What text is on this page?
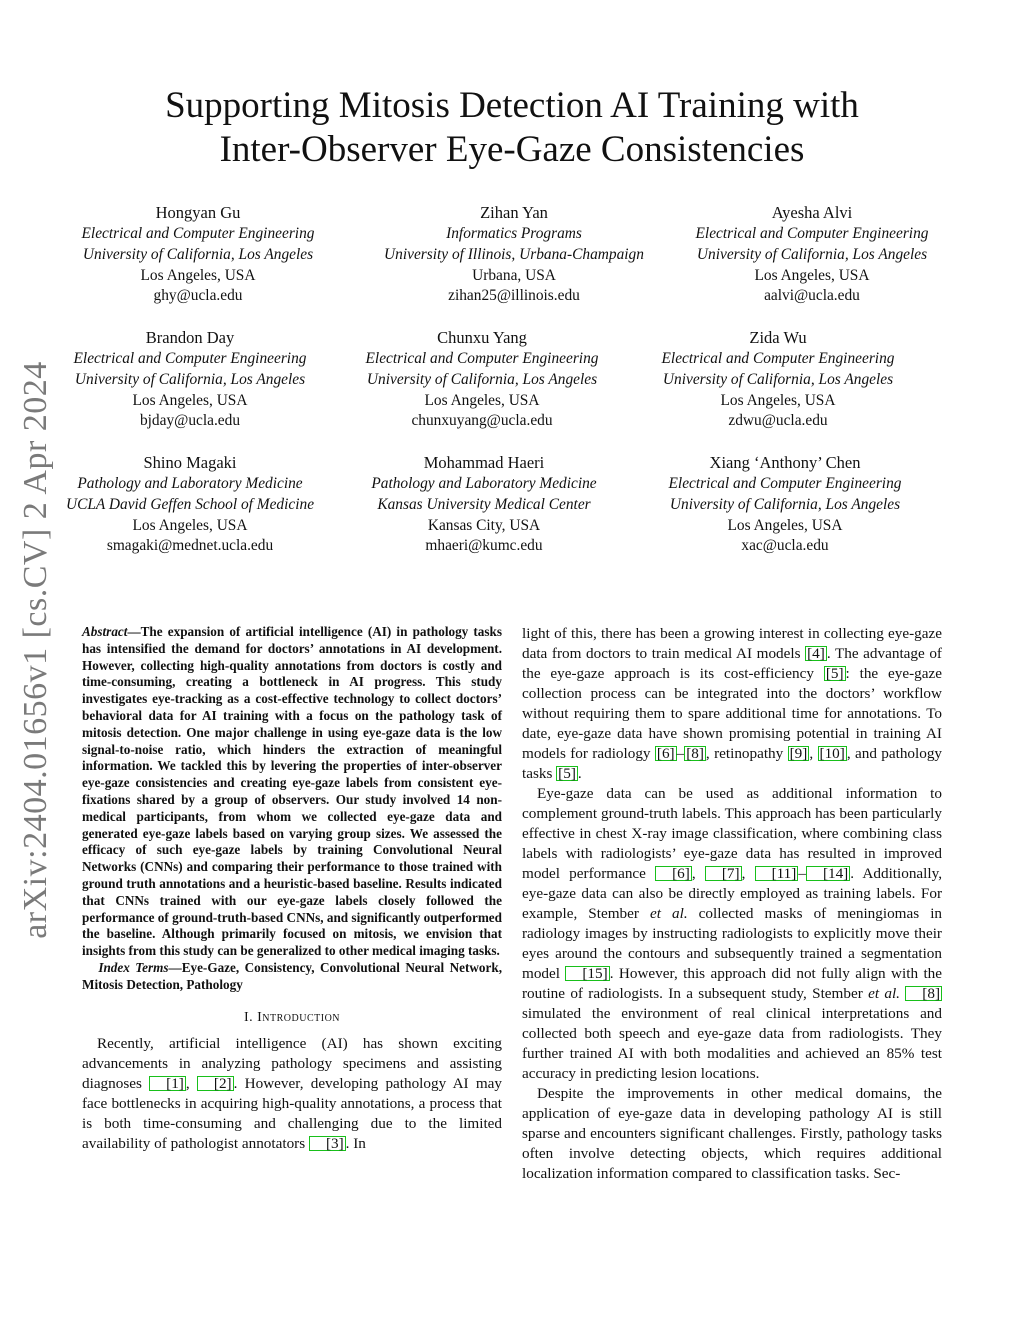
arXiv:2404.01656v1 [cs.CV] 2 Apr 2024
Supporting Mitosis Detection AI Training with
Inter-Observer Eye-Gaze Consistencies
Hongyan Gu
Electrical and Computer Engineering
University of California, Los Angeles
Los Angeles, USA
ghy@ucla.edu
Zihan Yan
Informatics Programs
University of Illinois, Urbana-Champaign
Urbana, USA
zihan25@illinois.edu
Ayesha Alvi
Electrical and Computer Engineering
University of California, Los Angeles
Los Angeles, USA
aalvi@ucla.edu
Brandon Day
Electrical and Computer Engineering
University of California, Los Angeles
Los Angeles, USA
bjday@ucla.edu
Chunxu Yang
Electrical and Computer Engineering
University of California, Los Angeles
Los Angeles, USA
chunxuyang@ucla.edu
Zida Wu
Electrical and Computer Engineering
University of California, Los Angeles
Los Angeles, USA
zdwu@ucla.edu
Shino Magaki
Pathology and Laboratory Medicine
UCLA David Geffen School of Medicine
Los Angeles, USA
smagaki@mednet.ucla.edu
Mohammad Haeri
Pathology and Laboratory Medicine
Kansas University Medical Center
Kansas City, USA
mhaeri@kumc.edu
Xiang ‘Anthony’ Chen
Electrical and Computer Engineering
University of California, Los Angeles
Los Angeles, USA
xac@ucla.edu

Abstract—The expansion of artificial intelligence (AI) in pathology tasks has intensified the demand for doctors’ annotations in AI development. However, collecting high-quality annotations from doctors is costly and time-consuming, creating a bottleneck in AI progress. This study investigates eye-tracking as a cost-effective technology to collect doctors’ behavioral data for AI training with a focus on the pathology task of mitosis detection. One major challenge in using eye-gaze data is the low signal-to-noise ratio, which hinders the extraction of meaningful information. We tackled this by levering the properties of inter-observer eye-gaze consistencies and creating eye-gaze labels from consistent eye-fixations shared by a group of observers. Our study involved 14 non-medical participants, from whom we collected eye-gaze data and generated eye-gaze labels based on varying group sizes. We assessed the efficacy of such eye-gaze labels by training Convolutional Neural Networks (CNNs) and comparing their performance to those trained with ground truth annotations and a heuristic-based baseline. Results indicated that CNNs trained with our eye-gaze labels closely followed the performance of ground-truth-based CNNs, and significantly outperformed the baseline. Although primarily focused on mitosis, we envision that insights from this study can be generalized to other medical imaging tasks.

Index Terms—Eye-Gaze, Consistency, Convolutional Neural Network, Mitosis Detection, Pathology

I. Introduction

Recently, artificial intelligence (AI) has shown exciting advancements in analyzing pathology specimens and assisting diagnoses [1] , [2] . However, developing pathology AI may face bottlenecks in acquiring high-quality annotations, a process that is both time-consuming and challenging due to the limited availability of pathologist annotators [3] . In

light of this, there has been a growing interest in collecting eye-gaze data from doctors to train medical AI models [4] . The advantage of the eye-gaze approach is its cost-efficiency [5] : the eye-gaze collection process can be integrated into the doctors’ workflow without requiring them to spare additional time for annotations. To date, eye-gaze data have shown promising potential in training AI models for radiology [6] – [8] , retinopathy [9] , [10] , and pathology tasks [5] .

Eye-gaze data can be used as additional information to complement ground-truth labels. This approach has been particularly effective in chest X-ray image classification, where combining class labels with radiologists’ eye-gaze data has resulted in improved model performance [6] , [7] , [11] – [14] . Additionally, eye-gaze data can also be directly employed as training labels. For example, Stember et al. collected masks of meningiomas in radiology images by instructing radiologists to explicitly move their eyes around the contours and subsequently trained a segmentation model [15] . However, this approach did not fully align with the routine of radiologists. In a subsequent study, Stember et al. [8] simulated the environment of real clinical interpretations and collected both speech and eye-gaze data from radiologists. They further trained AI with both modalities and achieved an 85% test accuracy in predicting lesion locations.

Despite the improvements in other medical domains, the application of eye-gaze data in developing pathology AI is still sparse and encounters significant challenges. Firstly, pathology tasks often involve detecting objects, which requires additional localization information compared to classification tasks. Sec-
